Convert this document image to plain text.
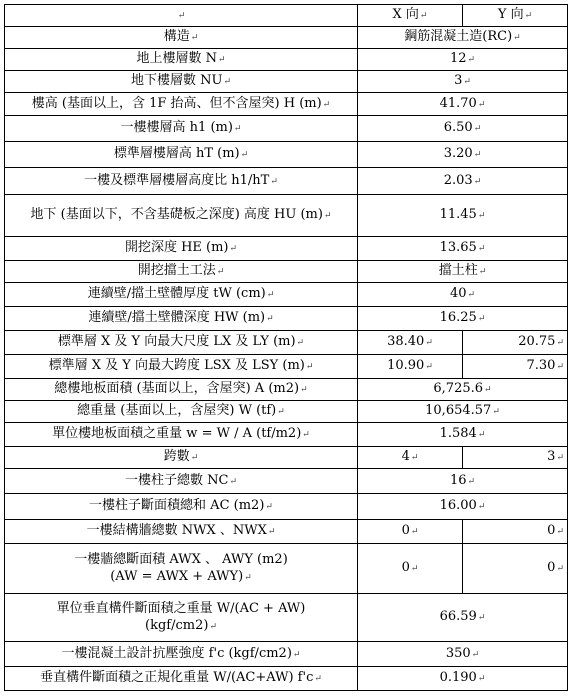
↵	X 向↵	Y 向↵
構造↵	鋼筋混凝土造(RC)↵	
地上樓層數 N↵	12↵	
地下樓層數 NU↵	3↵	
樓高 (基面以上，含 1F 抬高、但不含屋突) H (m)↵	41.70↵	
一樓樓層高 h1 (m)↵	6.50↵	
標準層樓層高 hT (m)↵	3.20↵	
一樓及標準層樓層高度比 h1/hT↵	2.03↵	
地下 (基面以下，不含基礎板之深度) 高度 HU (m)↵	11.45↵	
開挖深度 HE (m)↵	13.65↵	
開挖擋土工法↵	擋土柱↵	
連續壁/擋土壁體厚度 tW (cm)↵	40↵	
連續壁/擋土壁體深度 HW (m)↵	16.25↵	
標準層 X 及 Y 向最大尺度 LX 及 LY (m)↵	38.40↵	20.75↵
標準層 X 及 Y 向最大跨度 LSX 及 LSY (m)↵	10.90↵	7.30↵
總樓地板面積 (基面以上，含屋突) A (m2)↵	6,725.6↵	
總重量 (基面以上，含屋突) W (tf)↵	10,654.57↵	
單位樓地板面積之重量 w = W / A (tf/m2)↵	1.584↵	
跨數↵	4↵	3↵
一樓柱子總數 NC↵	16↵	
一樓柱子斷面積總和 AC (m2)↵	16.00↵	
一樓結構牆總數 NWX 、NWX↵	0↵	0↵

一樓牆總斷面積 AWX 、 AWY (m2)
(AW = AWX + AWY)↵	0↵	0↵

單位垂直構件斷面積之重量 W/(AC + AW)
(kgf/cm2)↵	66.59↵	
一樓混凝土設計抗壓強度 f'c (kgf/cm2)↵	350↵	
垂直構件斷面積之正規化重量 W/(AC+AW) f'c↵	0.190↵	
